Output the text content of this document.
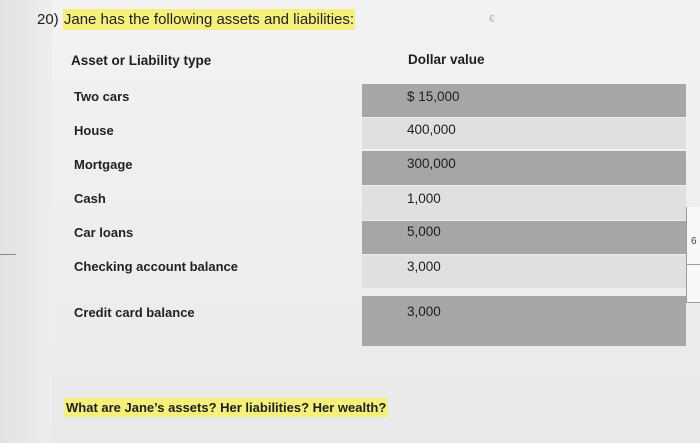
20) Jane has the following assets and liabilities:	€
Asset or Liability type	Dollar value
Two cars	$ 15,000
House	400,000
Mortgage	300,000
Cash	1,000
Car loans	5,000
Checking account balance	3,000
Credit card balance	3,000
6
What are Jane’s assets? Her liabilities? Her wealth?
